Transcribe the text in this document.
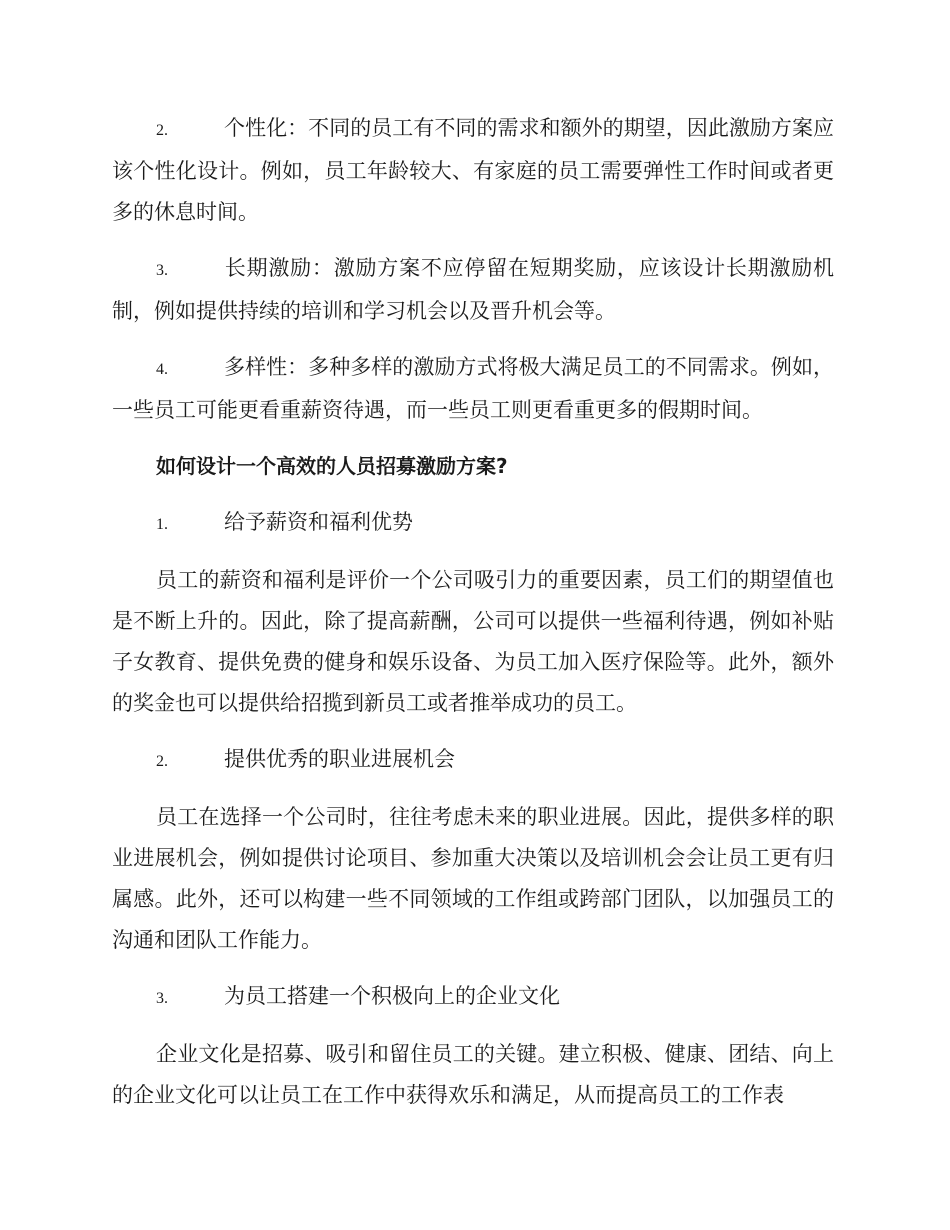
2.	个性化：不同的员工有不同的需求和额外的期望，因此激励方案应该个性化设计。例如，员工年龄较大、有家庭的员工需要弹性工作时间或者更多的休息时间。

3.	长期激励：激励方案不应停留在短期奖励，应该设计长期激励机制，例如提供持续的培训和学习机会以及晋升机会等。

4.	多样性：多种多样的激励方式将极大满足员工的不同需求。例如，一些员工可能更看重薪资待遇，而一些员工则更看重更多的假期时间。

如何设计一个高效的人员招募激励方案?

1.	给予薪资和福利优势

员工的薪资和福利是评价一个公司吸引力的重要因素，员工们的期望值也是不断上升的。因此，除了提高薪酬，公司可以提供一些福利待遇，例如补贴子女教育、提供免费的健身和娱乐设备、为员工加入医疗保险等。此外，额外的奖金也可以提供给招揽到新员工或者推举成功的员工。

2.	提供优秀的职业进展机会

员工在选择一个公司时，往往考虑未来的职业进展。因此，提供多样的职业进展机会，例如提供讨论项目、参加重大决策以及培训机会会让员工更有归属感。此外，还可以构建一些不同领域的工作组或跨部门团队，以加强员工的沟通和团队工作能力。

3.	为员工搭建一个积极向上的企业文化

企业文化是招募、吸引和留住员工的关键。建立积极、健康、团结、向上的企业文化可以让员工在工作中获得欢乐和满足，从而提高员工的工作表
